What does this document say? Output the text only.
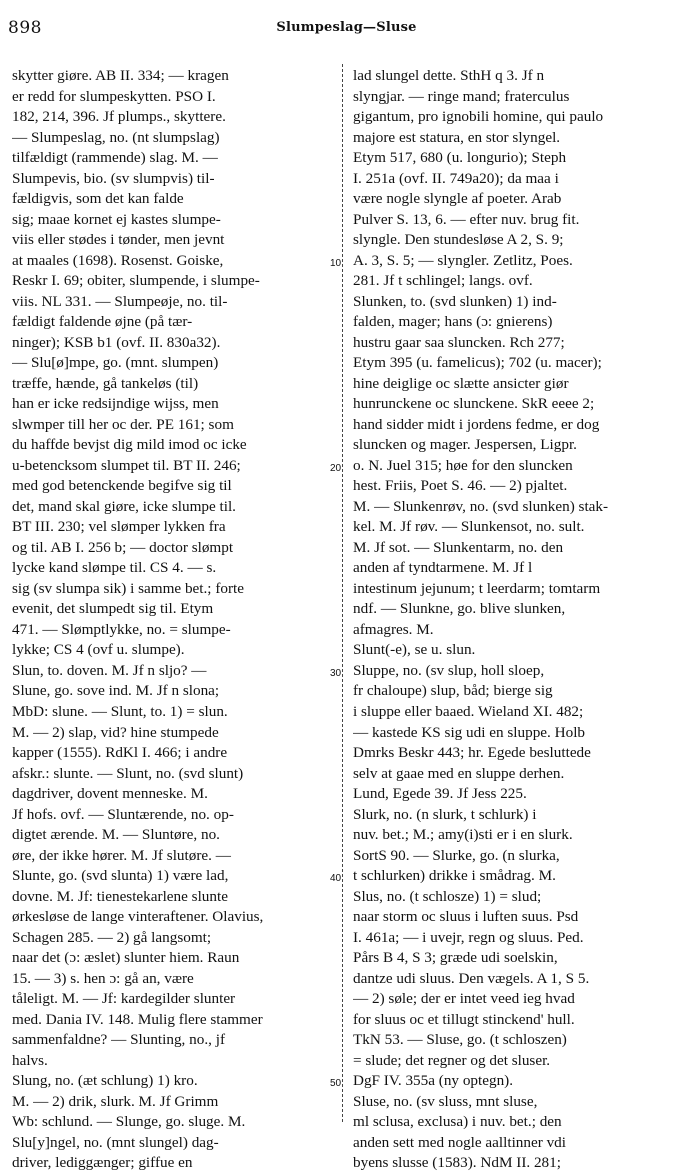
898	Slumpeslag—Sluse
skytter giøre. AB II. 334; — kragen
er redd for slumpeskytten. PSO I.
182, 214, 396. Jf plumps., skyttere.
— Slumpeslag, no. (nt slumpslag)
tilfældigt (rammende) slag. M. —
Slumpevis, bio. (sv slumpvis) til-
fældigvis, som det kan falde
sig; maae kornet ej kastes slumpe-
viis eller stødes i tønder, men jevnt
at maales (1698). Rosenst. Goiske,
Reskr I. 69; obiter, slumpende, i slumpe-
viis. NL 331. — Slumpeøje, no. til-
fældigt faldende øjne (på tær-
ninger); KSB b1 (ovf. II. 830a32).
— Slu[ø]mpe, go. (mnt. slumpen)
træffe, hænde, gå tankeløs (til)
han er icke redsijndige wijss, men
slwmper till her oc der. PE 161; som
du haffde bevjst dig mild imod oc icke
u-betencksom slumpet til. BT II. 246;
med god betenckende begifve sig til
det, mand skal giøre, icke slumpe til.
BT III. 230; vel slømper lykken fra
og til. AB I. 256 b; — doctor slømpt
lycke kand slømpe til. CS 4. — s.
sig (sv slumpa sik) i samme bet.; forte
evenit, det slumpedt sig til. Etym
471. — Slømptlykke, no. = slumpe-
lykke; CS 4 (ovf u. slumpe).
Slun, to. doven. M. Jf n sljo? —
Slune, go. sove ind. M. Jf n slona;
MbD: slune. — Slunt, to. 1) = slun.
M. — 2) slap, vid? hine stumpede
kapper (1555). RdKl I. 466; i andre
afskr.: slunte. — Slunt, no. (svd slunt)
dagdriver, dovent menneske. M.
Jf hofs. ovf. — Sluntærende, no. op-
digtet ærende. M. — Sluntøre, no.
øre, der ikke hører. M. Jf slutøre. —
Slunte, go. (svd slunta) 1) være lad,
dovne. M. Jf: tienestekarlene slunte
ørkesløse de lange vinteraftener. Olavius,
Schagen 285. — 2) gå langsomt;
naar det (ɔ: æslet) slunter hiem. Raun
15. — 3) s. hen ɔ: gå an, være
tåleligt. M. — Jf: kardegilder slunter
med. Dania IV. 148. Mulig flere stammer
sammenfaldne? — Slunting, no., jf
halvs.
Slung, no. (æt schlung) 1) kro.
M. — 2) drik, slurk. M. Jf Grimm
Wb: schlund. — Slunge, go. sluge. M.
Slu[y]ngel, no. (mnt slungel) dag-
driver, lediggænger; giffue en
10
20
30
40
50
lad slungel dette. SthH q 3. Jf n
slyngjar. — ringe mand; fraterculus
gigantum, pro ignobili homine, qui paulo
majore est statura, en stor slyngel.
Etym 517, 680 (u. longurio); Steph
I. 251a (ovf. II. 749a20); da maa i
være nogle slyngle af poeter. Arab
Pulver S. 13, 6. — efter nuv. brug fit.
slyngle. Den stundesløse A 2, S. 9;
A. 3, S. 5; — slyngler. Zetlitz, Poes.
281. Jf t schlingel; langs. ovf.
Slunken, to. (svd slunken) 1) ind-
falden, mager; hans (ɔ: gnierens)
hustru gaar saa sluncken. Rch 277;
Etym 395 (u. famelicus); 702 (u. macer);
hine deiglige oc slætte ansicter giør
hunrunckene oc slunckene. SkR eeee 2;
hand sidder midt i jordens fedme, er dog
sluncken og mager. Jespersen, Ligpr.
o. N. Juel 315; høe for den sluncken
hest. Friis, Poet S. 46. — 2) pjaltet.
M. — Slunkenrøv, no. (svd slunken) stak-
kel. M. Jf røv. — Slunkensot, no. sult.
M. Jf sot. — Slunkentarm, no. den
anden af tyndtarmene. M. Jf l
intestinum jejunum; t leerdarm; tomtarm
ndf. — Slunkne, go. blive slunken,
afmagres. M.
Slunt(-e), se u. slun.
Sluppe, no. (sv slup, holl sloep,
fr chaloupe) slup, båd; bierge sig
i sluppe eller baaed. Wieland XI. 482;
— kastede KS sig udi en sluppe. Holb
Dmrks Beskr 443; hr. Egede besluttede
selv at gaae med en sluppe derhen.
Lund, Egede 39. Jf Jess 225.
Slurk, no. (n slurk, t schlurk) i
nuv. bet.; M.; amy(i)sti er i en slurk.
SortS 90. — Slurke, go. (n slurka,
t schlurken) drikke i smådrag. M.
Slus, no. (t schlosze) 1) = slud;
naar storm oc sluus i luften suus. Psd
I. 461a; — i uvejr, regn og sluus. Ped.
Pårs B 4, S 3; græde udi soelskin,
dantze udi sluus. Den vægels. A 1, S 5.
— 2) søle; der er intet veed ieg hvad
for sluus oc et tillugt stinckend' hull.
TkN 53. — Sluse, go. (t schloszen)
= slude; det regner og det sluser.
DgF IV. 355a (ny optegn).
Sluse, no. (sv sluss, mnt sluse,
ml sclusa, exclusa) i nuv. bet.; den
anden sett med nogle aalltinner vdi
byens slusse (1583). NdM II. 281;
